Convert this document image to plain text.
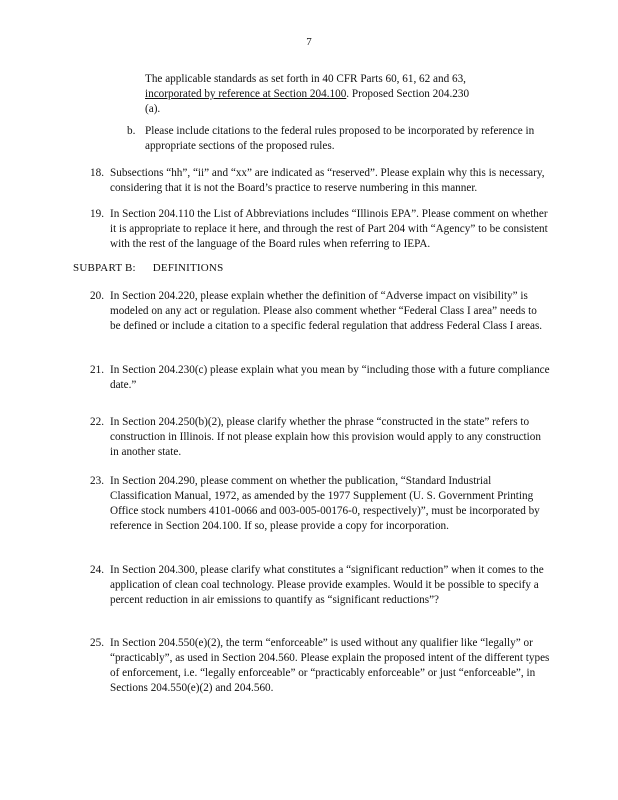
7
The applicable standards as set forth in 40 CFR Parts 60, 61, 62 and 63,
incorporated by reference at Section 204.100. Proposed Section 204.230
(a).
b. Please include citations to the federal rules proposed to be incorporated by reference in appropriate sections of the proposed rules.
18. Subsections “hh”, “ii” and “xx” are indicated as “reserved”. Please explain why this is necessary, considering that it is not the Board’s practice to reserve numbering in this manner.
19. In Section 204.110 the List of Abbreviations includes “Illinois EPA”. Please comment on whether it is appropriate to replace it here, and through the rest of Part 204 with “Agency” to be consistent with the rest of the language of the Board rules when referring to IEPA.
SUBPART B: DEFINITIONS
20. In Section 204.220, please explain whether the definition of “Adverse impact on visibility” is modeled on any act or regulation. Please also comment whether “Federal Class I area” needs to be defined or include a citation to a specific federal regulation that address Federal Class I areas.
21. In Section 204.230(c) please explain what you mean by “including those with a future compliance date.”
22. In Section 204.250(b)(2), please clarify whether the phrase “constructed in the state” refers to construction in Illinois. If not please explain how this provision would apply to any construction in another state.
23. In Section 204.290, please comment on whether the publication, “Standard Industrial Classification Manual, 1972, as amended by the 1977 Supplement (U. S. Government Printing Office stock numbers 4101-0066 and 003-005-00176-0, respectively)”, must be incorporated by reference in Section 204.100. If so, please provide a copy for incorporation.
24. In Section 204.300, please clarify what constitutes a “significant reduction” when it comes to the application of clean coal technology. Please provide examples. Would it be possible to specify a percent reduction in air emissions to quantify as “significant reductions”?
25. In Section 204.550(e)(2), the term “enforceable” is used without any qualifier like “legally” or “practicably”, as used in Section 204.560. Please explain the proposed intent of the different types of enforcement, i.e. “legally enforceable” or “practicably enforceable” or just “enforceable”, in Sections 204.550(e)(2) and 204.560.
